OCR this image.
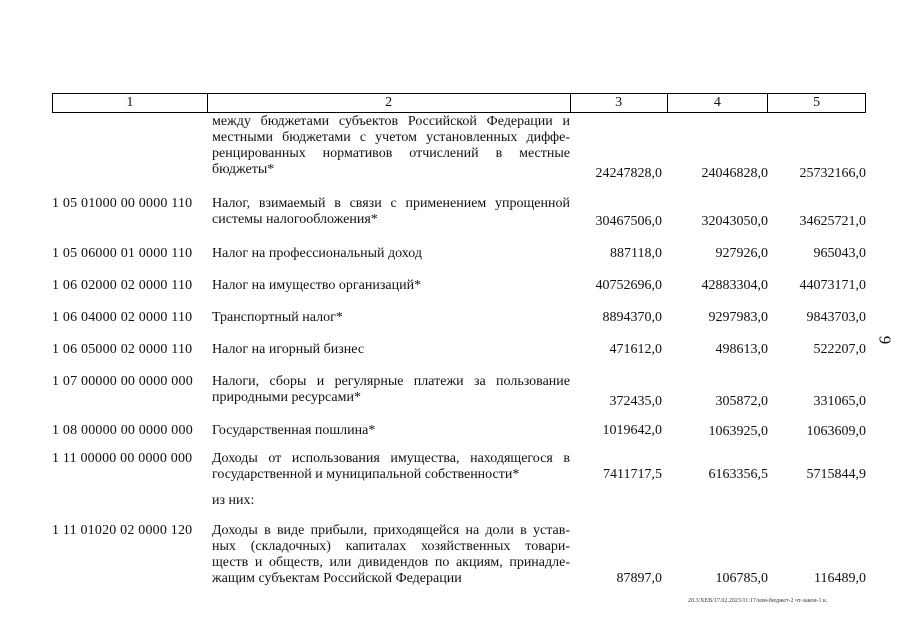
1	2	3	4	5
между бюджетами субъектов Российской Федерации и
местными бюджетами с учетом установленных диффе-
ренцированных нормативов отчислений в местные
бюджеты*	24247828,0	24046828,0 25732166,0
1 05 01000 00 0000 110 Налог, взимаемый в связи с применением упрощенной
системы налогообложения*	30467506,0	32043050,0 34625721,0
1 05 06000 01 0000 110 Налог на профессиональный доход	887118,0	927926,0	965043,0
1 06 02000 02 0000 110 Налог на имущество организаций*	40752696,0	42883304,0 44073171,0
1 06 04000 02 0000 110 Транспортный налог*	8894370,0	9297983,0	9843703,0
1 06 05000 02 0000 110 Налог на игорный бизнес	471612,0	498613,0	522207,0
1 07 00000 00 0000 000 Налоги, сборы и регулярные платежи за пользование
природными ресурсами*	372435,0	305872,0	331065,0
1 08 00000 00 0000 000 Государственная пошлина*	1019642,0	1063925,0	1063609,0
1 11 00000 00 0000 000 Доходы от использования имущества, находящегося в
государственной и муниципальной собственности*	7411717,5	6163356,5	5715844,9
из них:
1 11 01020 02 0000 120 Доходы в виде прибыли, приходящейся на доли в устав-
ных (складочных) капиталах хозяйственных товари-
ществ и обществ, или дивидендов по акциям, принадле-
жащим субъектам Российской Федерации	87897,0	106785,0	116489,0
9
20.3/ХЕВ/17.02.2023/11:17/изм-бюджет-2 чт-закон-1 к.
